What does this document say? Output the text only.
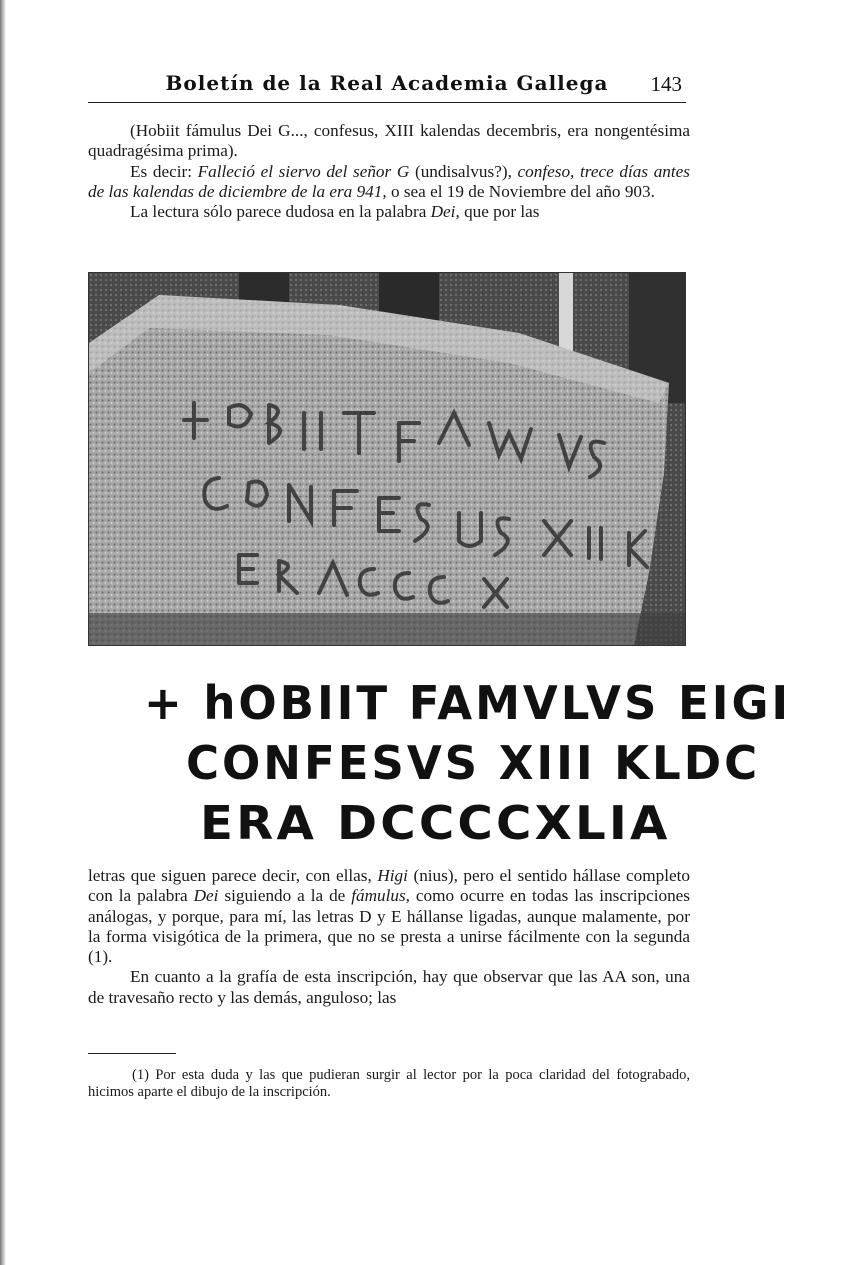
Boletín de la Real Academia Gallega	143

(Hobiit fámulus Dei G..., confesus, XIII kalendas decembris, era nongentésima quadragésima prima).

Es decir: Falleció el siervo del señor G (undisalvus?), confeso, trece días antes de las kalendas de diciembre de la era 941, o sea el 19 de Noviembre del año 903.

La lectura sólo parece dudosa en la palabra Dei, que por las

+ hOBIIT FAMVLVS EIGI
CONFESVS XIII KLDC
ERA DCCCCXLIA

letras que siguen parece decir, con ellas, Higi (nius), pero el sentido hállase completo con la palabra Dei siguiendo a la de fámulus, como ocurre en todas las inscripciones análogas, y porque, para mí, las letras D y E hállanse ligadas, aunque malamente, por la forma visigótica de la primera, que no se presta a unirse fácilmente con la segunda (1).

En cuanto a la grafía de esta inscripción, hay que observar que las AA son, una de travesaño recto y las demás, anguloso; las

(1) Por esta duda y las que pudieran surgir al lector por la poca claridad del fotograbado, hicimos aparte el dibujo de la inscripción.
